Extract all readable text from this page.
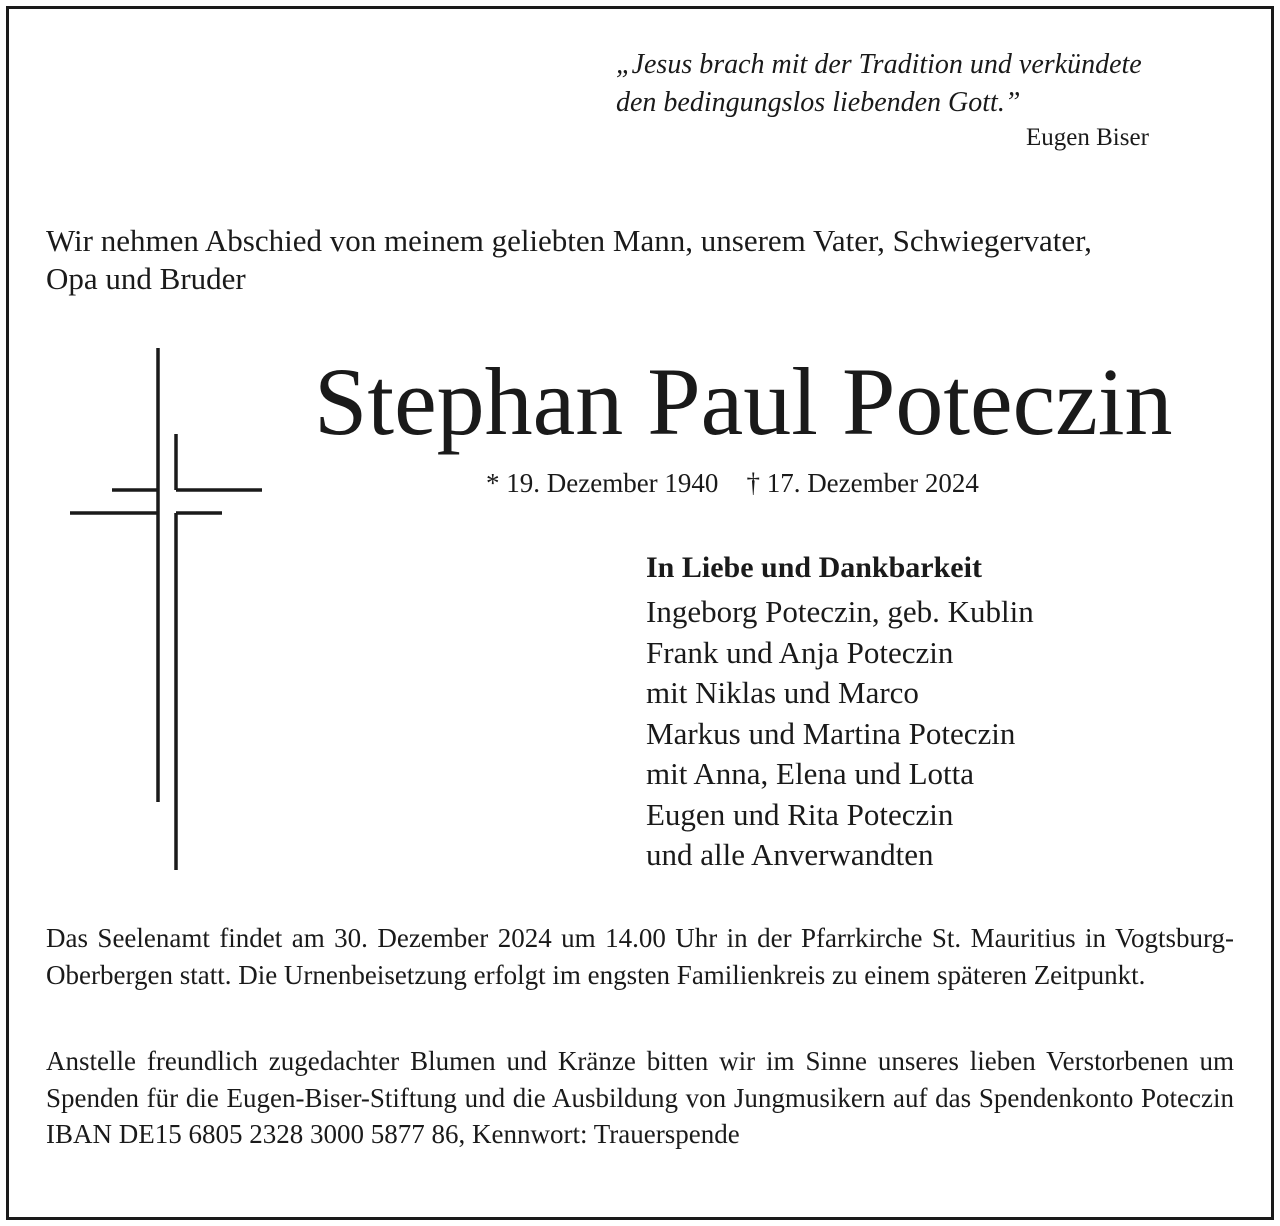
„Jesus brach mit der Tradition und verkündete
den bedingungslos liebenden Gott.”
Eugen Biser
Wir nehmen Abschied von meinem geliebten Mann, unserem Vater, Schwiegervater,
Opa und Bruder
Stephan Paul Poteczin
* 19. Dezember 1940 † 17. Dezember 2024
In Liebe und Dankbarkeit
Ingeborg Poteczin, geb. Kublin
Frank und Anja Poteczin
mit Niklas und Marco
Markus und Martina Poteczin
mit Anna, Elena und Lotta
Eugen und Rita Poteczin
und alle Anverwandten
Das Seelenamt findet am 30. Dezember 2024 um 14.00 Uhr in der Pfarrkirche St. Mauritius in Vogtsburg-Oberbergen statt. Die Urnenbeisetzung erfolgt im engsten Familienkreis zu einem späteren Zeitpunkt.
Anstelle freundlich zugedachter Blumen und Kränze bitten wir im Sinne unseres lieben Verstorbenen um Spenden für die Eugen-Biser-Stiftung und die Ausbildung von Jungmusikern auf das Spendenkonto Poteczin IBAN DE15 6805 2328 3000 5877 86, Kennwort: Trauerspende
